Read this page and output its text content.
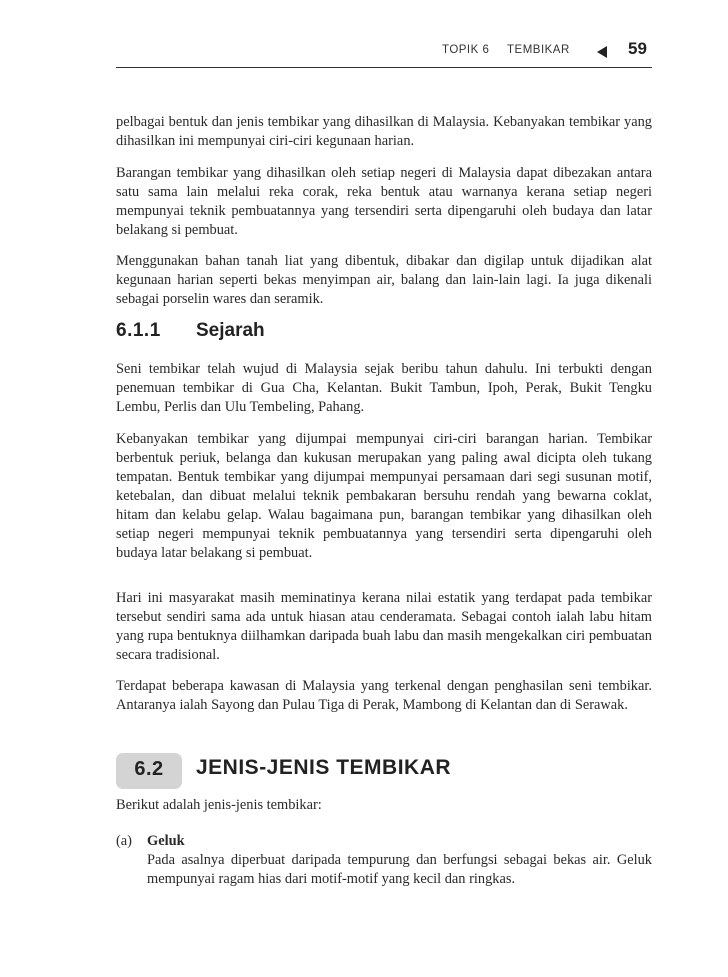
TOPIK 6 TEMBIKAR	59

pelbagai bentuk dan jenis tembikar yang dihasilkan di Malaysia. Kebanyakan tembikar yang dihasilkan ini mempunyai ciri-ciri kegunaan harian.

Barangan tembikar yang dihasilkan oleh setiap negeri di Malaysia dapat dibezakan antara satu sama lain melalui reka corak, reka bentuk atau warnanya kerana setiap negeri mempunyai teknik pembuatannya yang tersendiri serta dipengaruhi oleh budaya dan latar belakang si pembuat.

Menggunakan bahan tanah liat yang dibentuk, dibakar dan digilap untuk dijadikan alat kegunaan harian seperti bekas menyimpan air, balang dan lain-lain lagi. Ia juga dikenali sebagai porselin wares dan seramik.

6.1.1 Sejarah

Seni tembikar telah wujud di Malaysia sejak beribu tahun dahulu. Ini terbukti dengan penemuan tembikar di Gua Cha, Kelantan. Bukit Tambun, Ipoh, Perak, Bukit Tengku Lembu, Perlis dan Ulu Tembeling, Pahang.

Kebanyakan tembikar yang dijumpai mempunyai ciri-ciri barangan harian. Tembikar berbentuk periuk, belanga dan kukusan merupakan yang paling awal dicipta oleh tukang tempatan. Bentuk tembikar yang dijumpai mempunyai persamaan dari segi susunan motif, ketebalan, dan dibuat melalui teknik pembakaran bersuhu rendah yang bewarna coklat, hitam dan kelabu gelap. Walau bagaimana pun, barangan tembikar yang dihasilkan oleh setiap negeri mempunyai teknik pembuatannya yang tersendiri serta dipengaruhi oleh budaya latar belakang si pembuat.

Hari ini masyarakat masih meminatinya kerana nilai estatik yang terdapat pada tembikar tersebut sendiri sama ada untuk hiasan atau cenderamata. Sebagai contoh ialah labu hitam yang rupa bentuknya diilhamkan daripada buah labu dan masih mengekalkan ciri pembuatan secara tradisional.

Terdapat beberapa kawasan di Malaysia yang terkenal dengan penghasilan seni tembikar. Antaranya ialah Sayong dan Pulau Tiga di Perak, Mambong di Kelantan dan di Serawak.

6.2	JENIS-JENIS TEMBIKAR

Berikut adalah jenis-jenis tembikar:

(a) Geluk

Pada asalnya diperbuat daripada tempurung dan berfungsi sebagai bekas air. Geluk mempunyai ragam hias dari motif-motif yang kecil dan ringkas.
